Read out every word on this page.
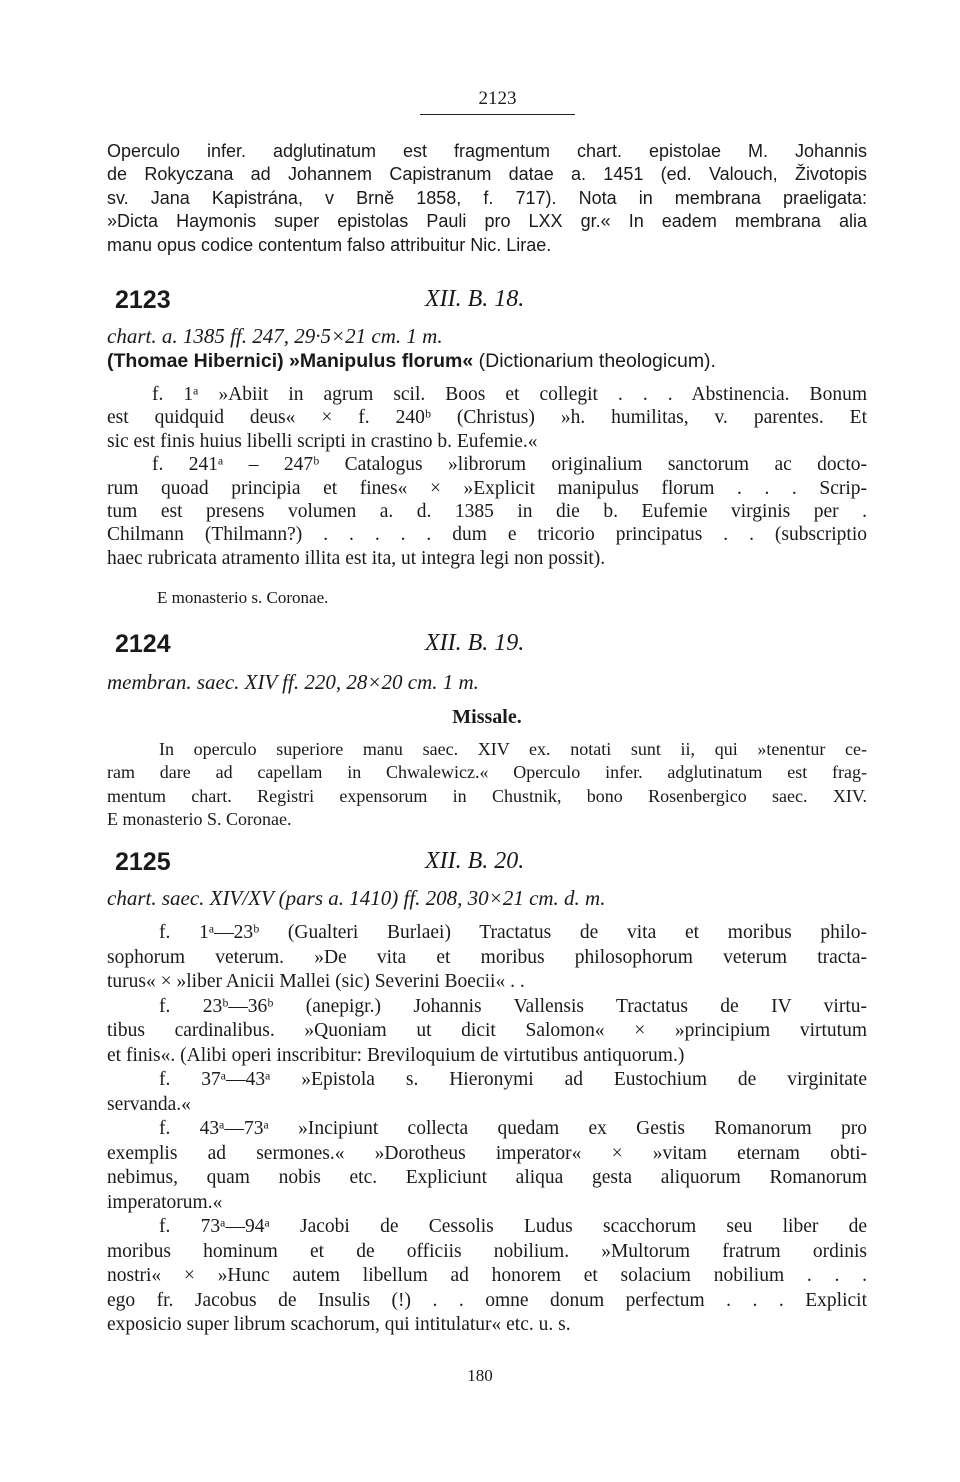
2123
Operculo infer. adglutinatum est fragmentum chart. epistolae M. Johannis
de Rokyczana ad Johannem Capistranum datae a. 1451 (ed. Valouch, Životopis
sv. Jana Kapistrána, v Brně 1858, f. 717). Nota in membrana praeligata:
»Dicta Haymonis super epistolas Pauli pro LXX gr.« In eadem membrana alia
manu opus codice contentum falso attribuitur Nic. Lirae.
2123	XII. B. 18.
chart. a. 1385 ff. 247, 29·5×21 cm. 1 m.
(Thomae Hibernici) »Manipulus florum« (Dictionarium theologicum).
f. 1ᵃ »Abiit in agrum scil. Boos et collegit . . . Abstinencia. Bonum
est quidquid deus« × f. 240ᵇ (Christus) »h. humilitas, v. parentes. Et
sic est finis huius libelli scripti in crastino b. Eufemie.«
f. 241ᵃ – 247ᵇ Catalogus »librorum originalium sanctorum ac docto-
rum quoad principia et fines« × »Explicit manipulus florum . . . Scrip-
tum est presens volumen a. d. 1385 in die b. Eufemie virginis per .
Chilmann (Thilmann?) . . . . . dum e tricorio principatus . . (subscriptio
haec rubricata atramento illita est ita, ut integra legi non possit).
E monasterio s. Coronae.
2124	XII. B. 19.
membran. saec. XIV ff. 220, 28×20 cm. 1 m.
Missale.
In operculo superiore manu saec. XIV ex. notati sunt ii, qui »tenentur ce-
ram dare ad capellam in Chwalewicz.« Operculo infer. adglutinatum est frag-
mentum chart. Registri expensorum in Chustnik, bono Rosenbergico saec. XIV.
E monasterio S. Coronae.
2125	XII. B. 20.
chart. saec. XIV/XV (pars a. 1410) ff. 208, 30×21 cm. d. m.
f. 1ᵃ—23ᵇ (Gualteri Burlaei) Tractatus de vita et moribus philo-
sophorum veterum. »De vita et moribus philosophorum veterum tracta-
turus« × »liber Anicii Mallei (sic) Severini Boecii« . .
f. 23ᵇ—36ᵇ (anepigr.) Johannis Vallensis Tractatus de IV virtu-
tibus cardinalibus. »Quoniam ut dicit Salomon« × »principium virtutum
et finis«. (Alibi operi inscribitur: Breviloquium de virtutibus antiquorum.)
f. 37ᵃ—43ᵃ »Epistola s. Hieronymi ad Eustochium de virginitate
servanda.«
f. 43ᵃ—73ᵃ »Incipiunt collecta quedam ex Gestis Romanorum pro
exemplis ad sermones.« »Dorotheus imperator« × »vitam eternam obti-
nebimus, quam nobis etc. Expliciunt aliqua gesta aliquorum Romanorum
imperatorum.«
f. 73ᵃ—94ᵃ Jacobi de Cessolis Ludus scacchorum seu liber de
moribus hominum et de officiis nobilium. »Multorum fratrum ordinis
nostri« × »Hunc autem libellum ad honorem et solacium nobilium . . .
ego fr. Jacobus de Insulis (!) . . omne donum perfectum . . . Explicit
exposicio super librum scachorum, qui intitulatur« etc. u. s.
180
